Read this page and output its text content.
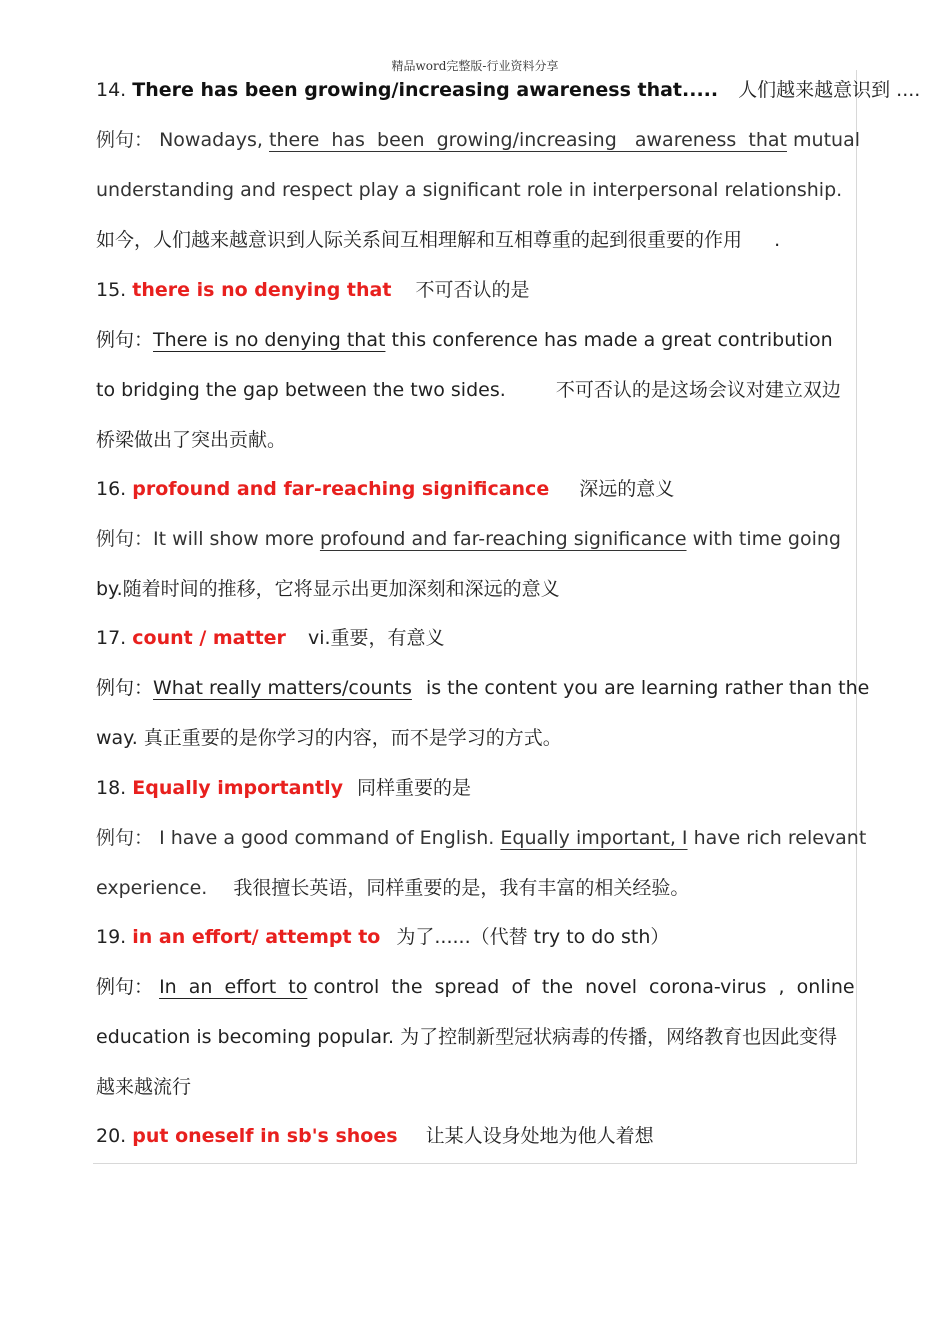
精品word完整版-行业资料分享
14. There has been growing/increasing awareness that..... 人们越来越意识到 ....
例句： Nowadays, there  has  been  growing/increasing   awareness  that mutual
understanding and respect play a significant role in interpersonal relationship.
如今，人们越来越意识到人际关系间互相理解和互相尊重的起到很重要的作用 .
15. there is no denying that 不可否认的是
例句：There is no denying that this conference has made a great contribution
to bridging the gap between the two sides.	不可否认的是这场会议对建立双边
桥梁做出了突出贡献。
16. profound and far-reaching significance 深远的意义
例句：It will show more profound and far-reaching significance with time going
by.随着时间的推移，它将显示出更加深刻和深远的意义
17. count / matter vi.重要，有意义
例句：What really matters/counts is the content you are learning rather than the
way. 真正重要的是你学习的内容，而不是学习的方式。
18. Equally importantly 同样重要的是
例句： I have a good command of English. Equally important, I have rich relevant
experience. 我很擅长英语，同样重要的是，我有丰富的相关经验。
19. in an effort/ attempt to 为了......（代替 try to do sth）
例句： In  an  effort  to control  the  spread  of  the  novel  corona-virus  ,  online
education is becoming popular. 为了控制新型冠状病毒的传播，网络教育也因此变得
越来越流行
20. put oneself in sb's shoes 让某人设身处地为他人着想
